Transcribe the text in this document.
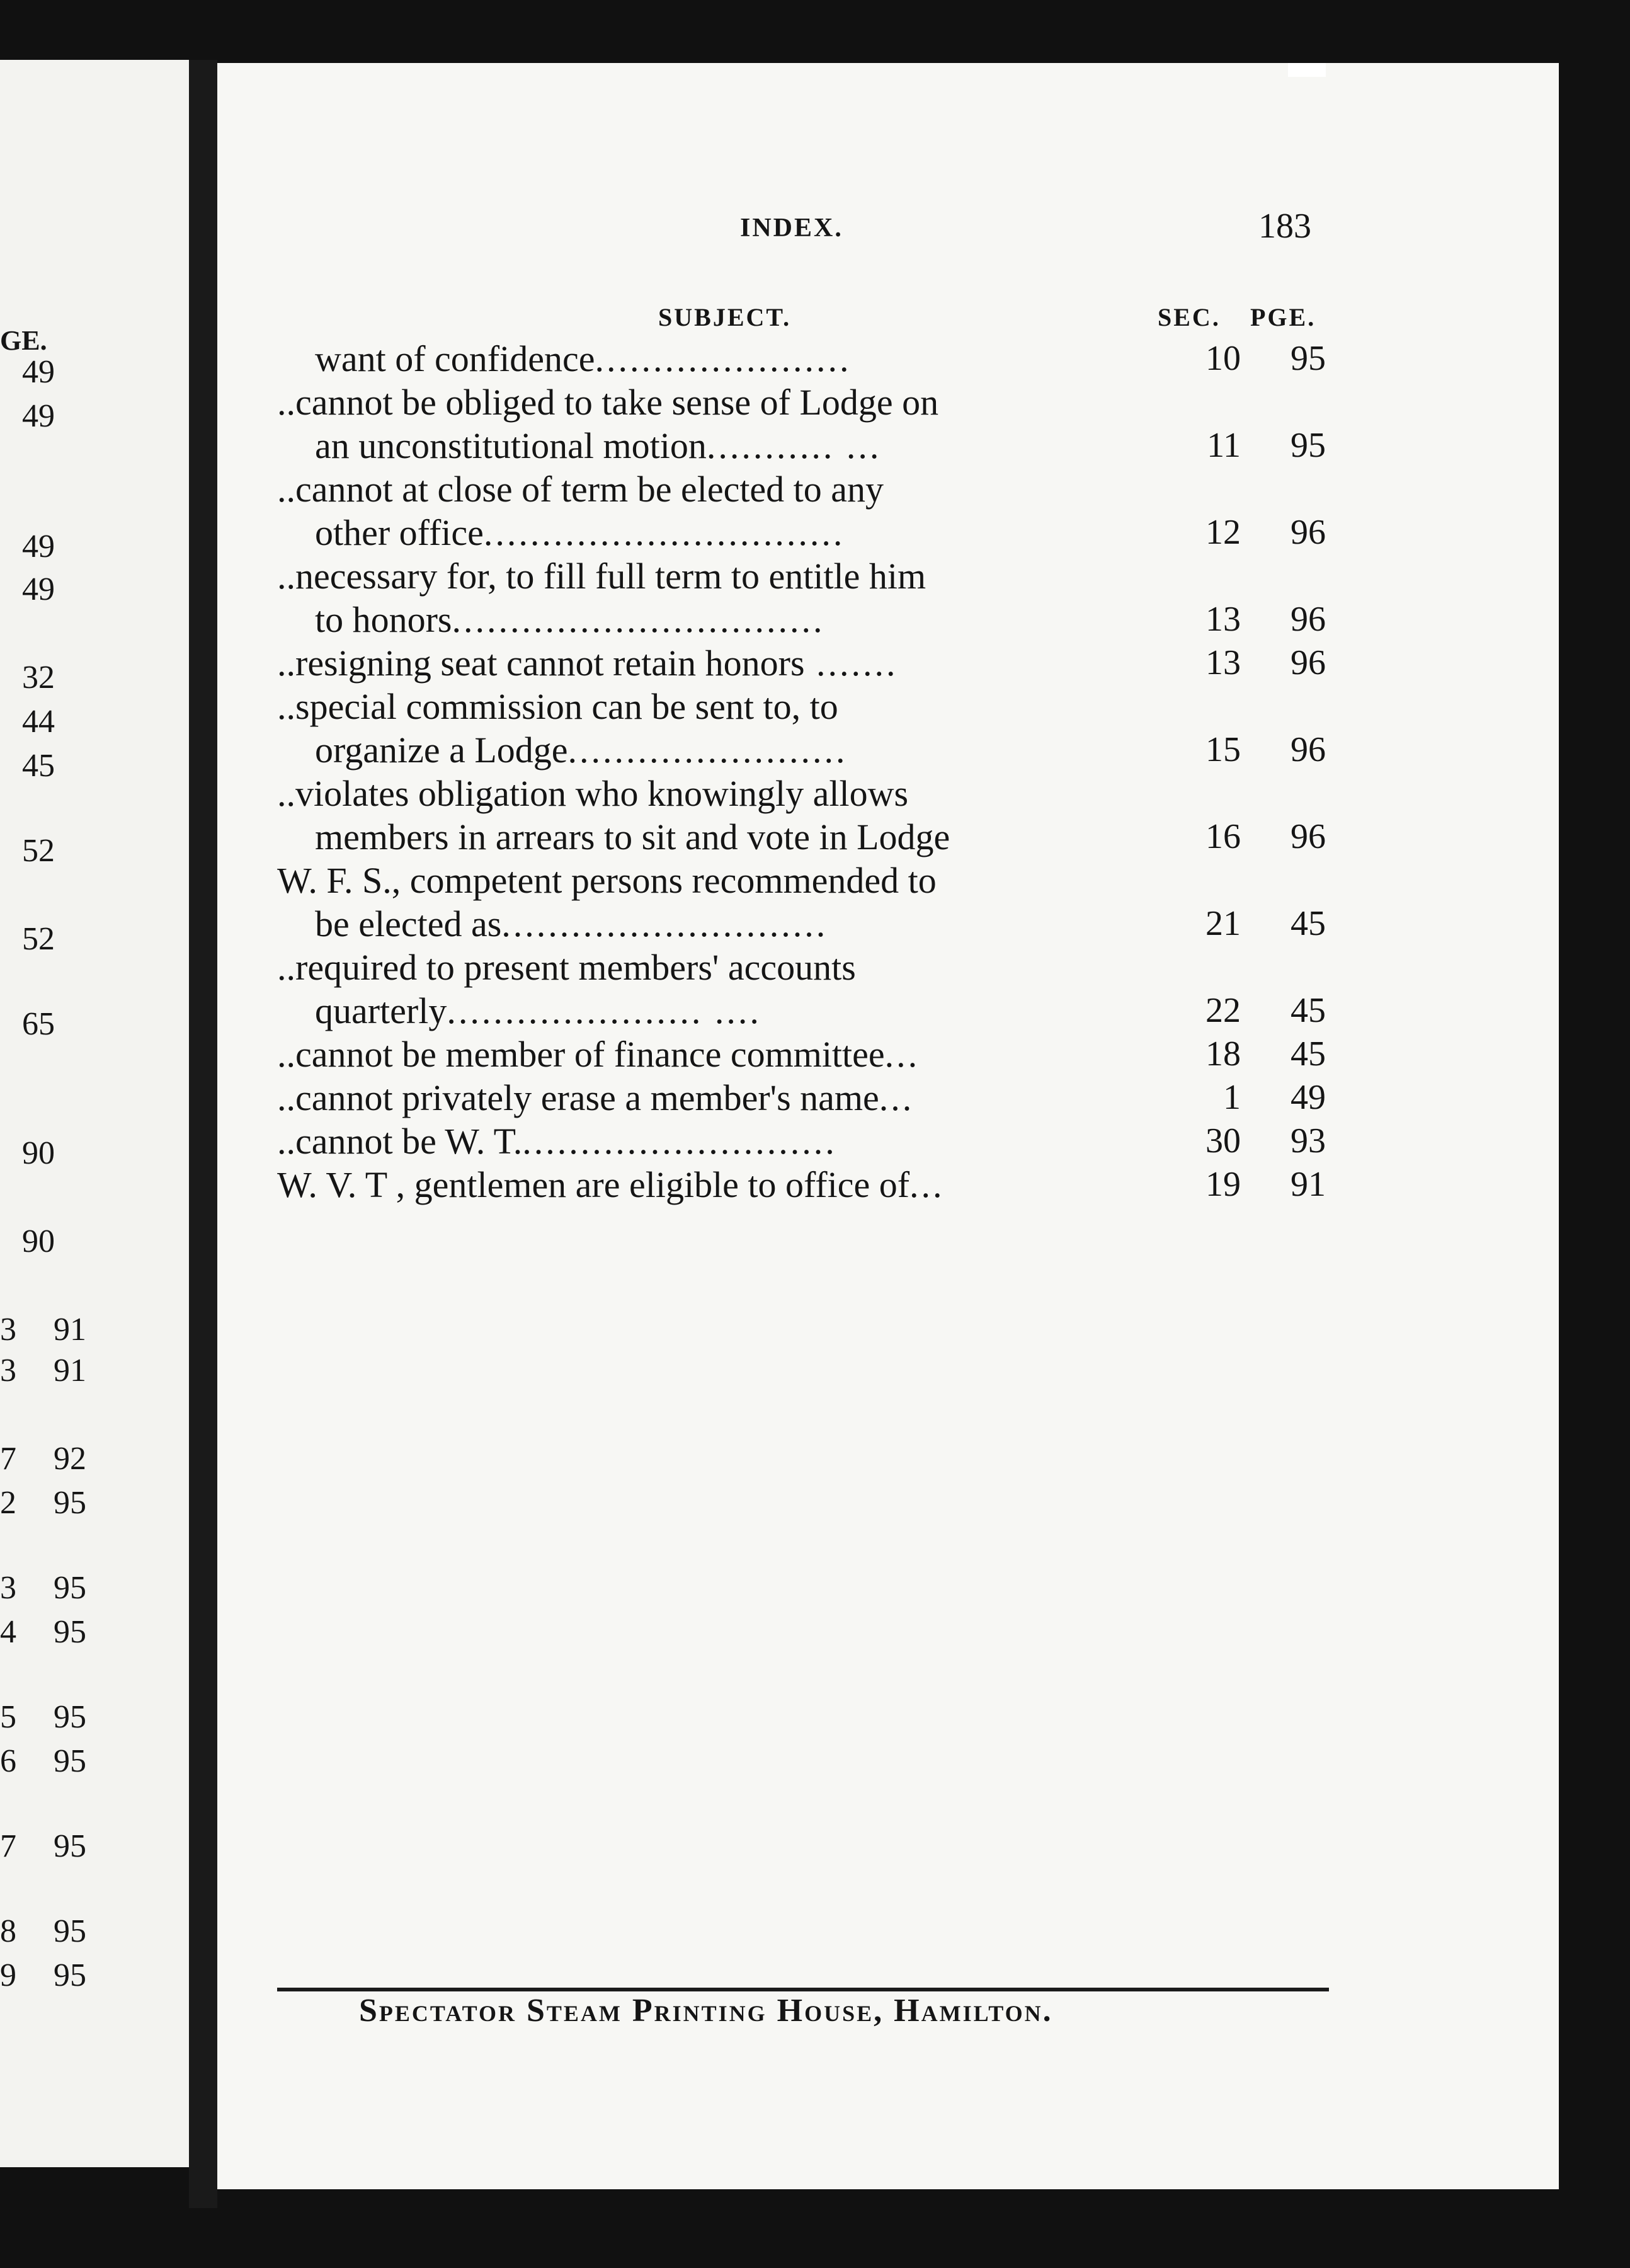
GE.
49
49
49
49
32
44
45
52
52
65
90
90
3 91
3 91
7 92
2 95
3 95
4 95
5 95
6 95
7 95
8 95
9 95
INDEX.	183
SUBJECT.	SEC. PGE.
want of confidence......................	10	95
..cannot be obliged to take sense of Lodge on
an unconstitutional motion........... ...	11	95
..cannot at close of term be elected to any
other office...............................	12	96
..necessary for, to fill full term to entitle him
to honors................................	13	96
..resigning seat cannot retain honors .......	13	96
..special commission can be sent to, to
organize a Lodge........................	15	96
..violates obligation who knowingly allows
members in arrears to sit and vote in Lodge	16	96
W. F. S., competent persons recommended to
be elected as............................	21	45
..required to present members' accounts
quarterly...................... ....	22	45
..cannot be member of finance committee...	18	45
..cannot privately erase a member's name...	1	49
..cannot be W. T............................	30	93
W. V. T , gentlemen are eligible to office of...	19	91
Spectator Steam Printing House, Hamilton.
